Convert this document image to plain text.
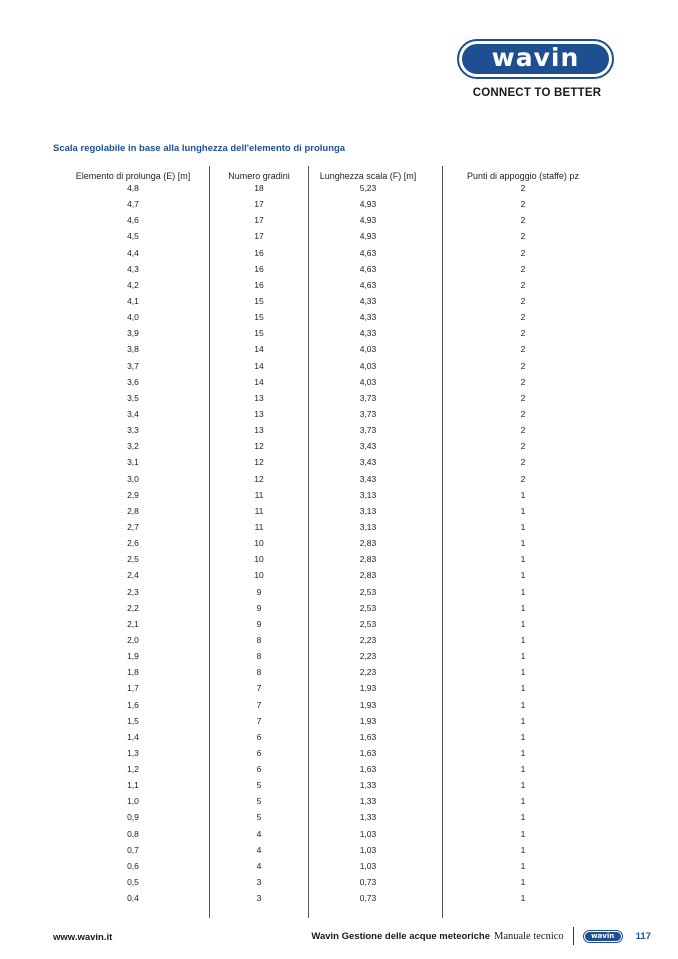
wavin
CONNECT TO BETTER
Scala regolabile in base alla lunghezza dell'elemento di prolunga
Elemento di prolunga (E) [m]	Numero gradini	Lunghezza scala (F) [m]	Punti di appoggio (staffe) pz
4,8	18	5,23	2
4,7	17	4,93	2
4,6	17	4,93	2
4,5	17	4,93	2
4,4	16	4,63	2
4,3	16	4,63	2
4,2	16	4,63	2
4,1	15	4,33	2
4,0	15	4,33	2
3,9	15	4,33	2
3,8	14	4,03	2
3,7	14	4,03	2
3,6	14	4,03	2
3,5	13	3,73	2
3,4	13	3,73	2
3,3	13	3,73	2
3,2	12	3,43	2
3,1	12	3,43	2
3,0	12	3,43	2
2,9	11	3,13	1
2,8	11	3,13	1
2,7	11	3,13	1
2,6	10	2,83	1
2,5	10	2,83	1
2,4	10	2,83	1
2,3	9	2,53	1
2,2	9	2,53	1
2,1	9	2,53	1
2,0	8	2,23	1
1,9	8	2,23	1
1,8	8	2,23	1
1,7	7	1,93	1
1,6	7	1,93	1
1,5	7	1,93	1
1,4	6	1,63	1
1,3	6	1,63	1
1,2	6	1,63	1
1,1	5	1,33	1
1,0	5	1,33	1
0,9	5	1,33	1
0,8	4	1,03	1
0,7	4	1,03	1
0,6	4	1,03	1
0,5	3	0,73	1
0,4	3	0,73	1
www.wavin.it	Wavin Gestione delle acque meteoriche Manuale tecnico	wavin	117
